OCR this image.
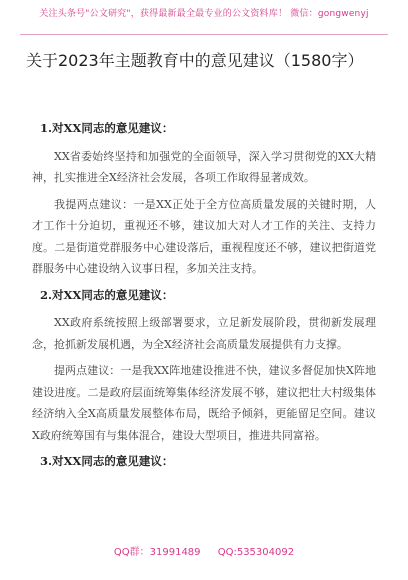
关注头条号"公文研究"，获得最新最全最专业的公文资料库！ 微信：gongwenyj
关于2023年主题教育中的意见建议（1580字）
1.对XX同志的意见建议：

XX省委始终坚持和加强党的全面领导，深入学习贯彻党的XX大精神，扎实推进全X经济社会发展，各项工作取得显著成效。

我提两点建议：一是XX正处于全方位高质量发展的关键时期，人才工作十分迫切，重视还不够，建议加大对人才工作的关注、支持力度。二是街道党群服务中心建设落后，重视程度还不够，建议把街道党群服务中心建设纳入议事日程，多加关注支持。

2.对XX同志的意见建议：

XX政府系统按照上级部署要求，立足新发展阶段，贯彻新发展理念，抢抓新发展机遇，为全X经济社会高质量发展提供有力支撑。

提两点建议：一是我XX阵地建设推进不快，建议多督促加快X阵地建设进度。二是政府层面统筹集体经济发展不够，建议把壮大村级集体经济纳入全X高质量发展整体布局，既给予倾斜，更能留足空间。建议X政府统筹国有与集体混合，建设大型项目，推进共同富裕。

3.对XX同志的意见建议：
QQ群：31991489 QQ:535304092
